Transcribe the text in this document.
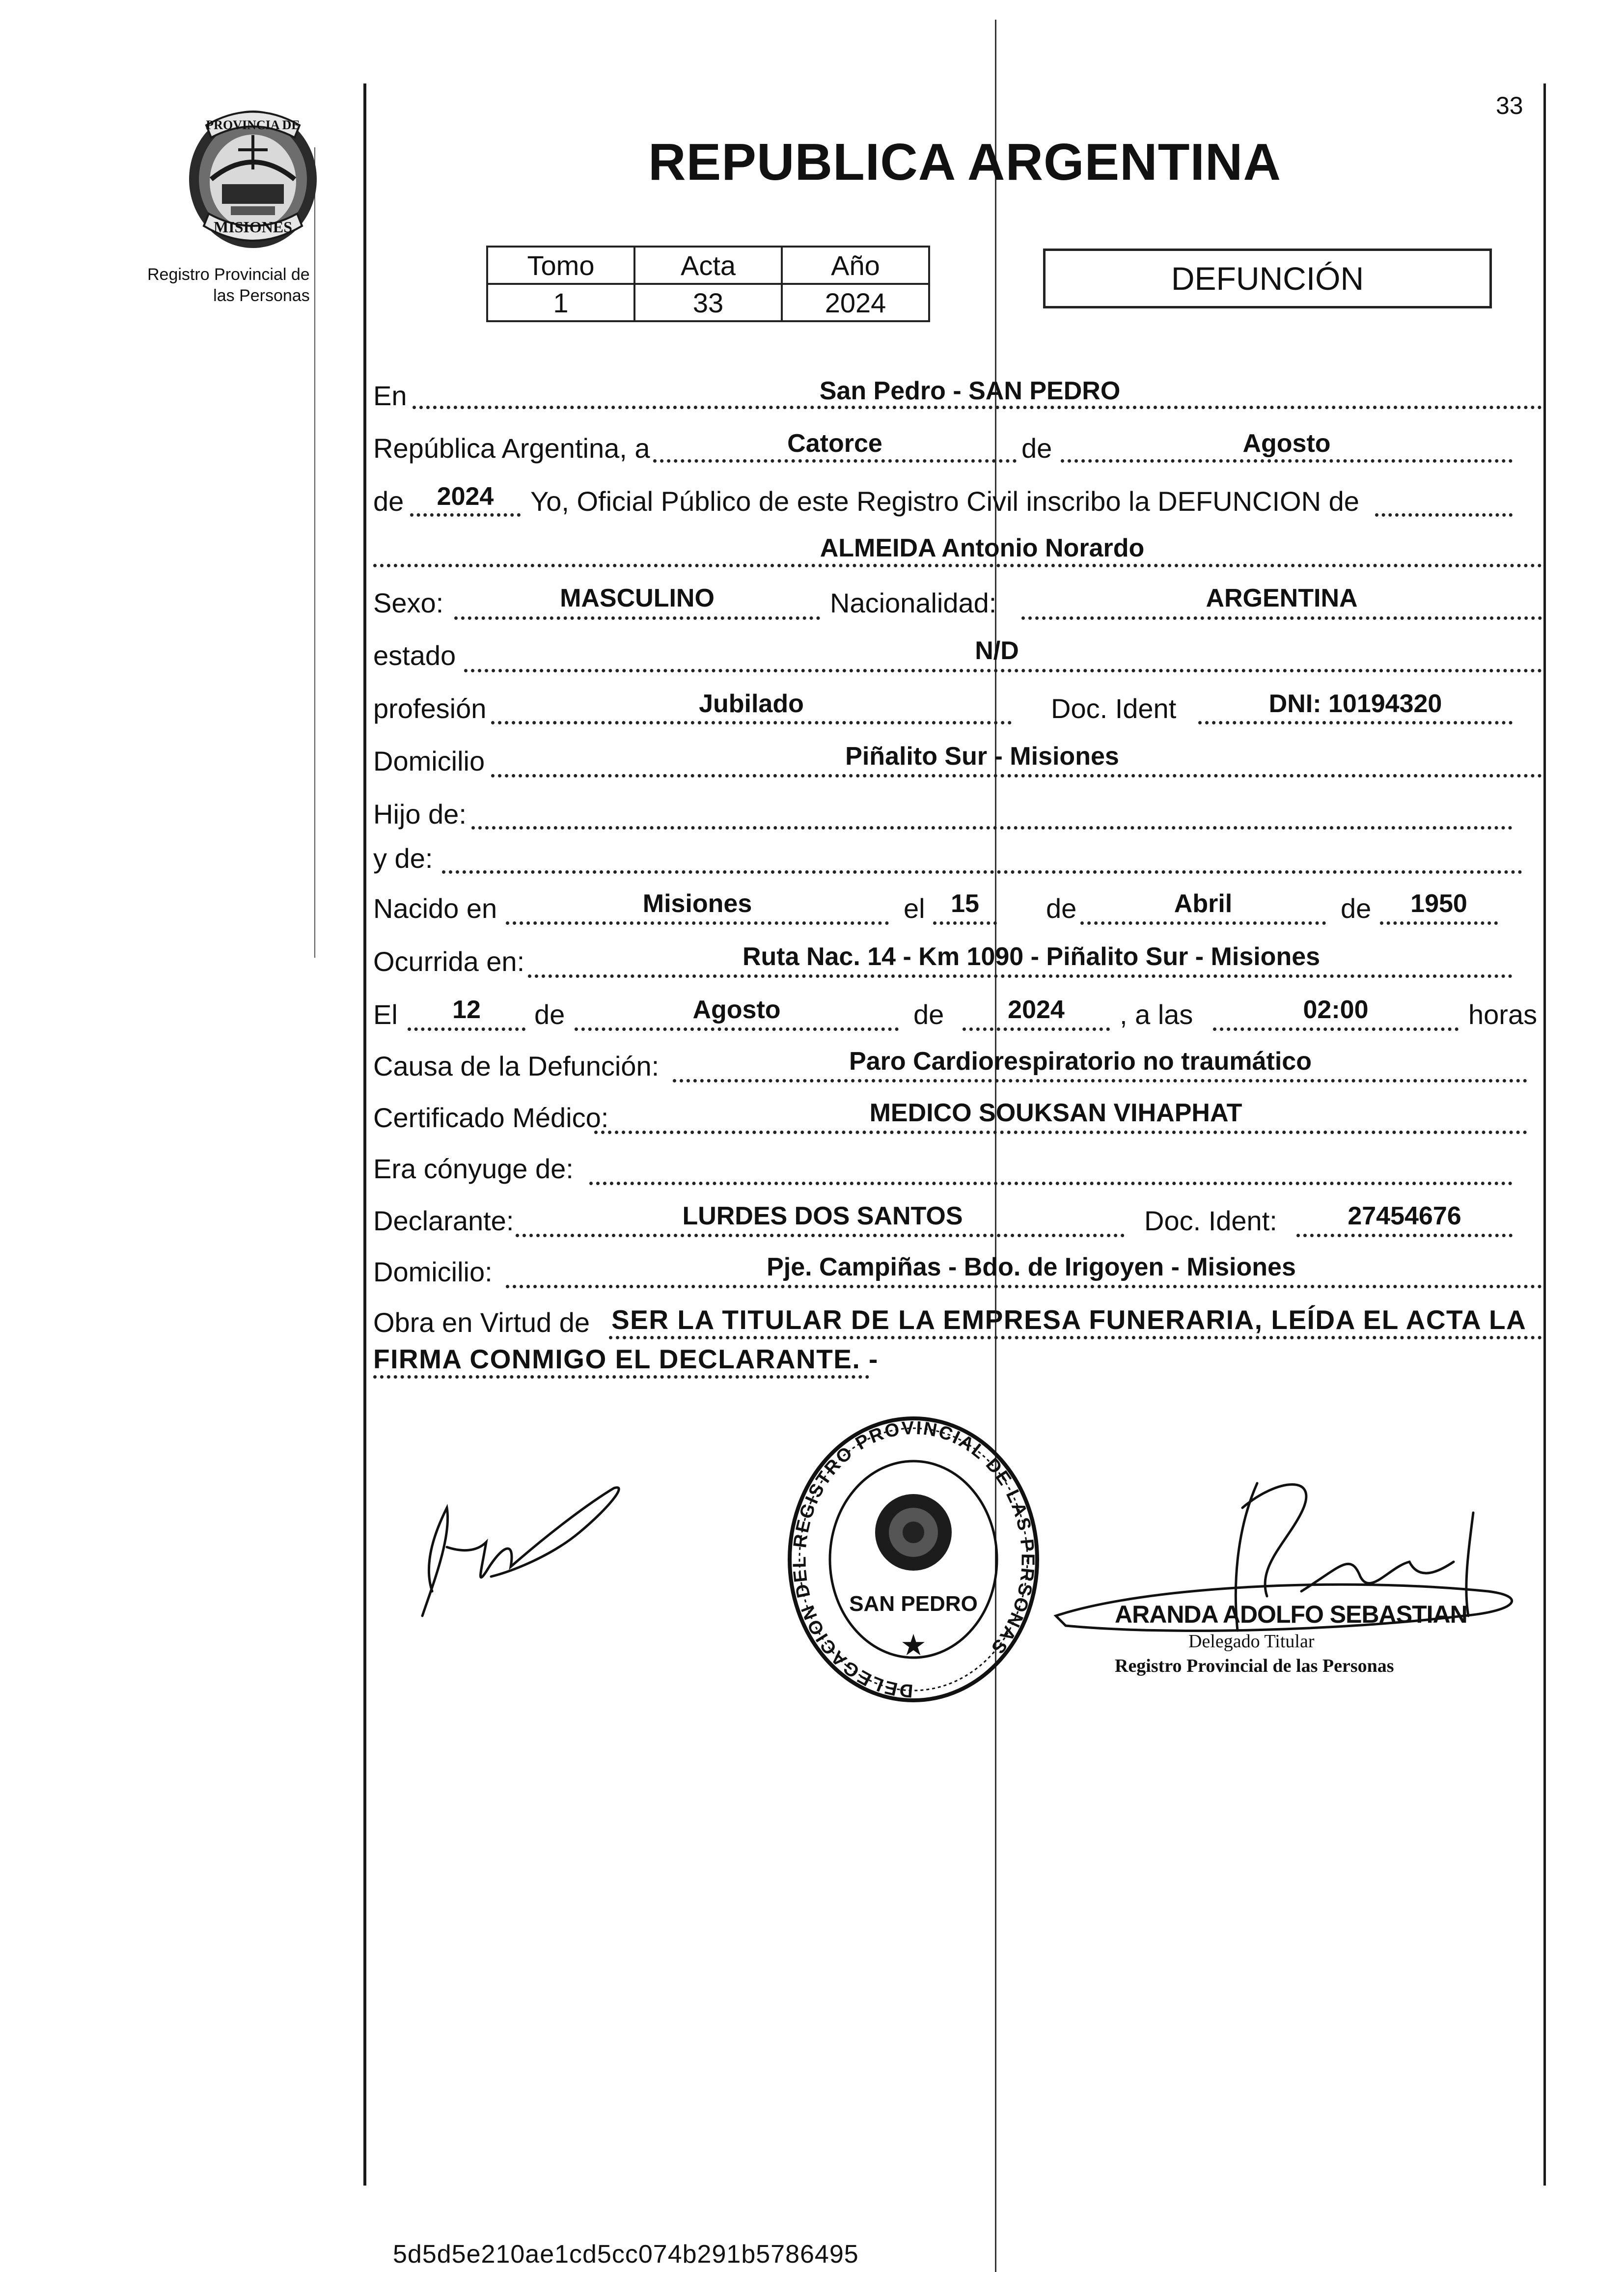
33
PROVINCIA DE
MISIONES
Registro Provincial de
las Personas
REPUBLICA ARGENTINA
Tomo	Acta	Año
1	33	2024
DEFUNCIÓN
En	San Pedro - SAN PEDRO
República Argentina, a	Catorce	de	Agosto
de	2024	Yo, Oficial Público de este Registro Civil inscribo la DEFUNCION de
ALMEIDA Antonio Norardo
Sexo:	MASCULINO	Nacionalidad:	ARGENTINA
estado	N/D
profesión	Jubilado	Doc. Ident	DNI: 10194320
Domicilio	Piñalito Sur - Misiones
Hijo de:
y de:
Nacido en	Misiones	el	15	de	Abril	de	1950
Ocurrida en:	Ruta Nac. 14 - Km 1090 - Piñalito Sur - Misiones
El	12	de	Agosto	de	2024	, a las	02:00	horas
Causa de la Defunción:	Paro Cardiorespiratorio no traumático
Certificado Médico:	MEDICO SOUKSAN VIHAPHAT
Era cónyuge de:
Declarante:	LURDES DOS SANTOS	Doc. Ident:	27454676
Domicilio:	Pje. Campiñas - Bdo. de Irigoyen - Misiones
Obra en Virtud de SER LA TITULAR DE LA EMPRESA FUNERARIA, LEÍDA EL ACTA LA
FIRMA CONMIGO EL DECLARANTE. -
DELEGACION DEL REGISTRO PROVINCIAL DE LAS PERSONAS
SAN PEDRO
★
ARANDA ADOLFO SEBASTIAN
Delegado Titular
Registro Provincial de las Personas
5d5d5e210ae1cd5cc074b291b5786495
